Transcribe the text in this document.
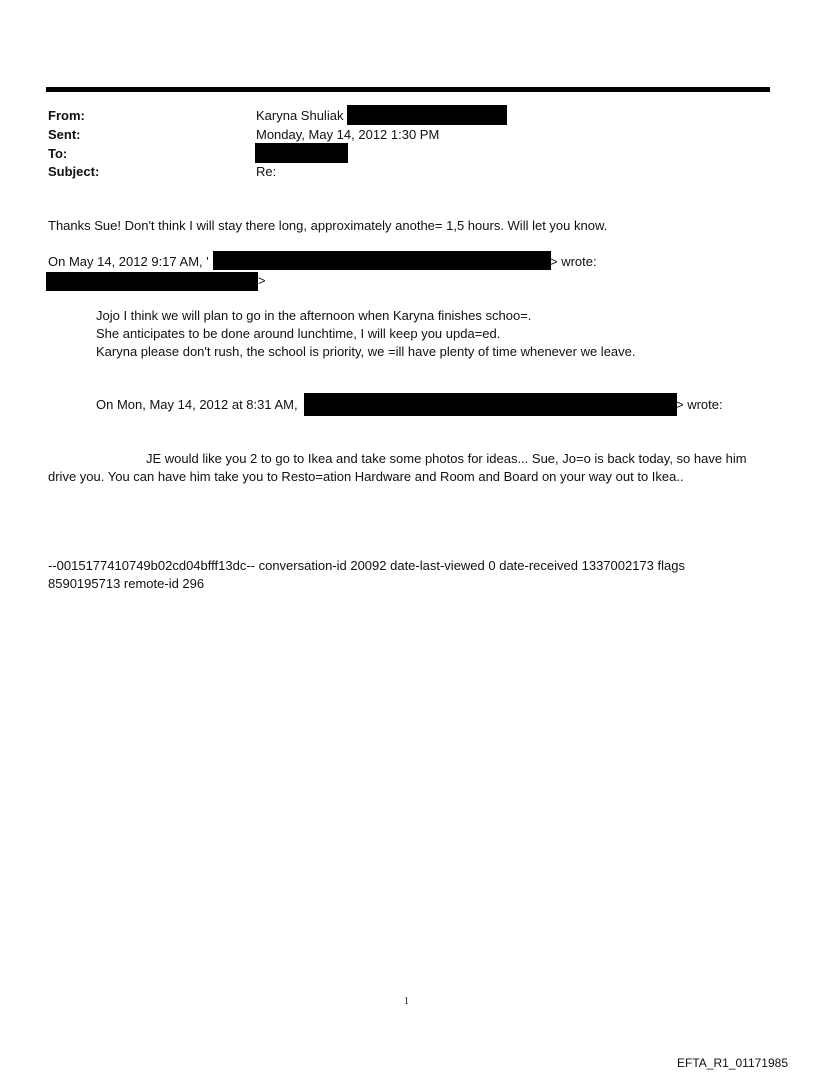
From:	Karyna Shuliak
Sent:	Monday, May 14, 2012 1:30 PM
To:
Subject:	Re:
Thanks Sue! Don't think I will stay there long, approximately anothe= 1,5 hours. Will let you know.
On May 14, 2012 9:17 AM, '	> wrote:
>
Jojo I think we will plan to go in the afternoon when Karyna finishes schoo=.
She anticipates to be done around lunchtime, I will keep you upda=ed.
Karyna please don't rush, the school is priority, we =ill have plenty of time whenever we leave.
On Mon, May 14, 2012 at 8:31 AM,	> wrote:
JE would like you 2 to go to Ikea and take some photos for ideas... Sue, Jo=o is back today, so have him
drive you. You can have him take you to Resto=ation Hardware and Room and Board on your way out to Ikea..
--0015177410749b02cd04bfff13dc-- conversation-id 20092 date-last-viewed 0 date-received 1337002173 flags
8590195713 remote-id 296
1
EFTA_R1_01171985
